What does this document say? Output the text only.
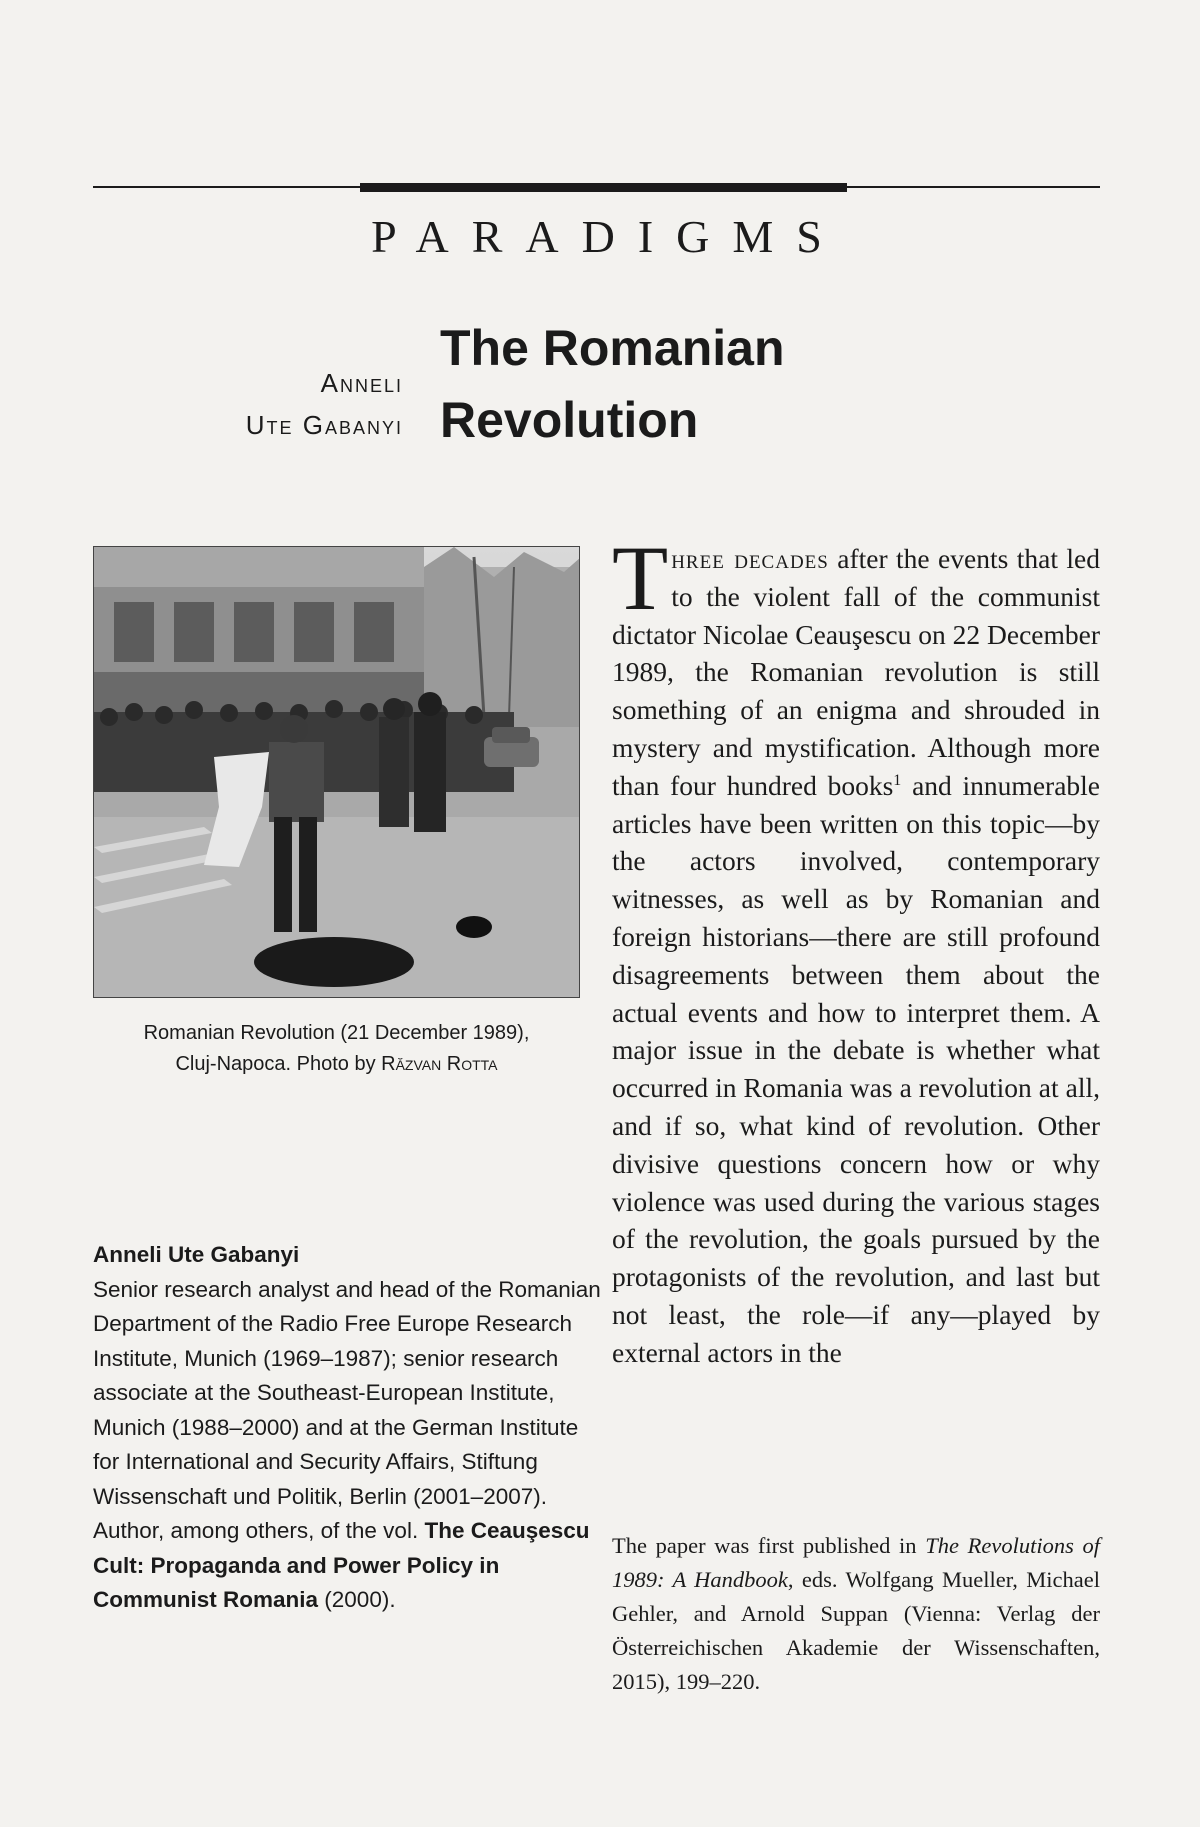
PARADIGMS
Anneli
Ute Gabanyi
The Romanian
Revolution
Romanian Revolution (21 December 1989),
Cluj-Napoca. Photo by Răzvan Rotta
Anneli Ute Gabanyi
Senior research analyst and head of the Romanian Department of the Radio Free Europe Research Institute, Munich (1969–1987); senior research associate at the Southeast-European Institute, Munich (1988–2000) and at the German Institute for International and Security Affairs, Stiftung Wissenschaft und Politik, Berlin (2001–2007). Author, among others, of the vol. The Ceauşescu Cult: Propaganda and Power Policy in Communist Romania (2000).

Three decades after the events that led to the violent fall of the communist dictator Nicolae Ceauşescu on 22 December 1989, the Romanian revolution is still something of an enigma and shrouded in mystery and mystification. Although more than four hundred books$^1$ and innumerable articles have been written on this topic—by the actors involved, contemporary witnesses, as well as by Romanian and foreign historians—there are still profound disagreements between them about the actual events and how to interpret them. A major issue in the debate is whether what occurred in Romania was a revolution at all, and if so, what kind of revolution. Other divisive questions concern how or why violence was used during the various stages of the revolution, the goals pursued by the protagonists of the revolution, and last but not least, the role—if any—played by external actors in the

The paper was first published in The Revolutions of 1989: A Handbook, eds. Wolfgang Mueller, Michael Gehler, and Arnold Suppan (Vienna: Verlag der Österreichischen Akademie der Wissenschaften, 2015), 199–220.
